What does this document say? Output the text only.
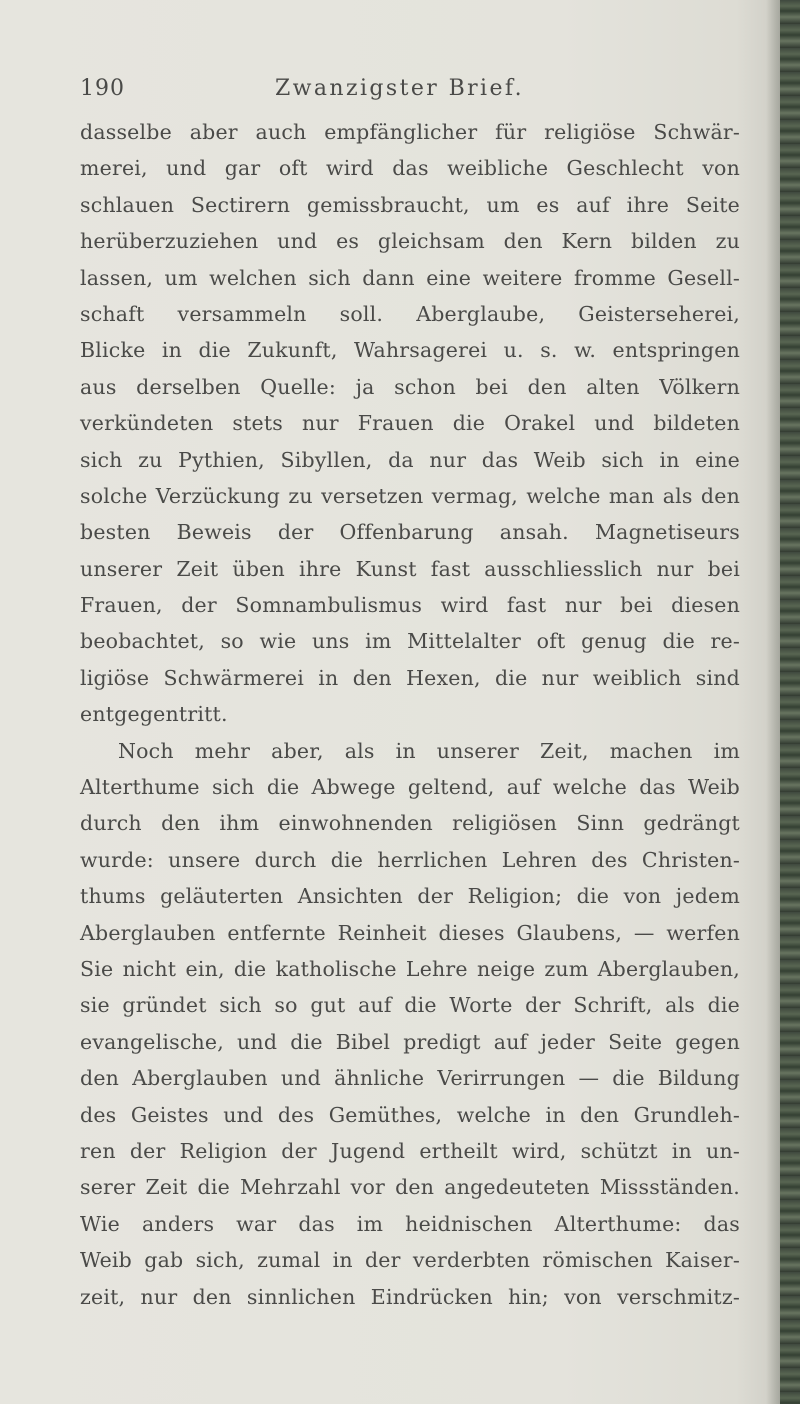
190	Zwanzigster Brief.
dasselbe aber auch empfänglicher für religiöse Schwär-
merei, und gar oft wird das weibliche Geschlecht von
schlauen Sectirern gemissbraucht, um es auf ihre Seite
herüberzuziehen und es gleichsam den Kern bilden zu
lassen, um welchen sich dann eine weitere fromme Gesell-
schaft versammeln soll. Aberglaube, Geisterseherei,
Blicke in die Zukunft, Wahrsagerei u. s. w. entspringen
aus derselben Quelle: ja schon bei den alten Völkern
verkündeten stets nur Frauen die Orakel und bildeten
sich zu Pythien, Sibyllen, da nur das Weib sich in eine
solche Verzückung zu versetzen vermag, welche man als den
besten Beweis der Offenbarung ansah. Magnetiseurs
unserer Zeit üben ihre Kunst fast ausschliesslich nur bei
Frauen, der Somnambulismus wird fast nur bei diesen
beobachtet, so wie uns im Mittelalter oft genug die re-
ligiöse Schwärmerei in den Hexen, die nur weiblich sind
entgegentritt.
Noch mehr aber, als in unserer Zeit, machen im
Alterthume sich die Abwege geltend, auf welche das Weib
durch den ihm einwohnenden religiösen Sinn gedrängt
wurde: unsere durch die herrlichen Lehren des Christen-
thums geläuterten Ansichten der Religion; die von jedem
Aberglauben entfernte Reinheit dieses Glaubens, — werfen
Sie nicht ein, die katholische Lehre neige zum Aberglauben,
sie gründet sich so gut auf die Worte der Schrift, als die
evangelische, und die Bibel predigt auf jeder Seite gegen
den Aberglauben und ähnliche Verirrungen — die Bildung
des Geistes und des Gemüthes, welche in den Grundleh-
ren der Religion der Jugend ertheilt wird, schützt in un-
serer Zeit die Mehrzahl vor den angedeuteten Missständen.
Wie anders war das im heidnischen Alterthume: das
Weib gab sich, zumal in der verderbten römischen Kaiser-
zeit, nur den sinnlichen Eindrücken hin; von verschmitz-
